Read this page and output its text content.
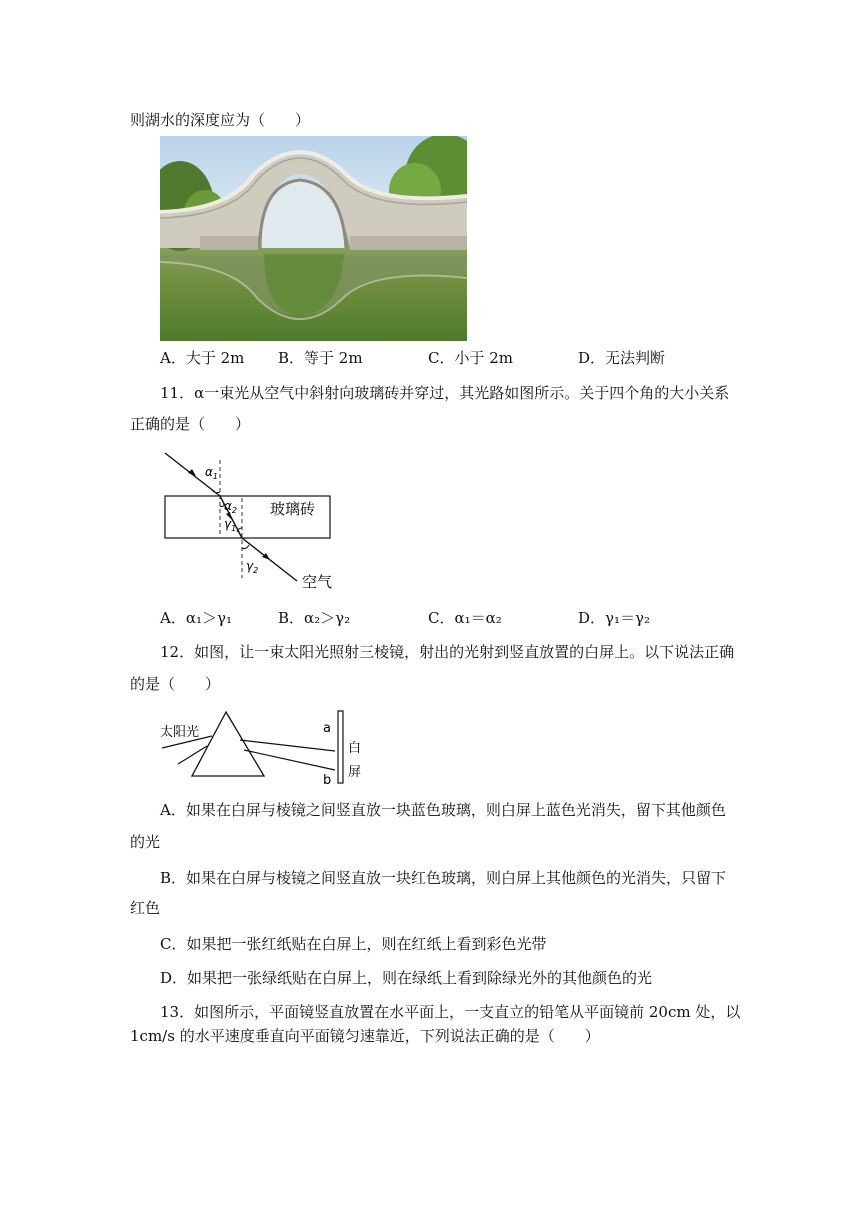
则湖水的深度应为（　　）
A．大于 2m B．等于 2m	C．小于 2m	D．无法判断
11．α一束光从空气中斜射向玻璃砖并穿过，其光路如图所示。关于四个角的大小关系
正确的是（　　）
$\alpha_1$
$\alpha_2$
$\gamma_1$
$\gamma_2$
玻璃砖
空气
A．α₁＞γ₁	B．α₂＞γ₂	C．α₁＝α₂	D．γ₁＝γ₂
12．如图，让一束太阳光照射三棱镜，射出的光射到竖直放置的白屏上。以下说法正确
的是（　　）
太阳光	a
b
白
屏
A．如果在白屏与棱镜之间竖直放一块蓝色玻璃，则白屏上蓝色光消失，留下其他颜色
的光
B．如果在白屏与棱镜之间竖直放一块红色玻璃，则白屏上其他颜色的光消失，只留下
红色
C．如果把一张红纸贴在白屏上，则在红纸上看到彩色光带
D．如果把一张绿纸贴在白屏上，则在绿纸上看到除绿光外的其他颜色的光
13．如图所示，平面镜竖直放置在水平面上，一支直立的铅笔从平面镜前 20cm 处，以
1cm/s 的水平速度垂直向平面镜匀速靠近，下列说法正确的是（　　）
